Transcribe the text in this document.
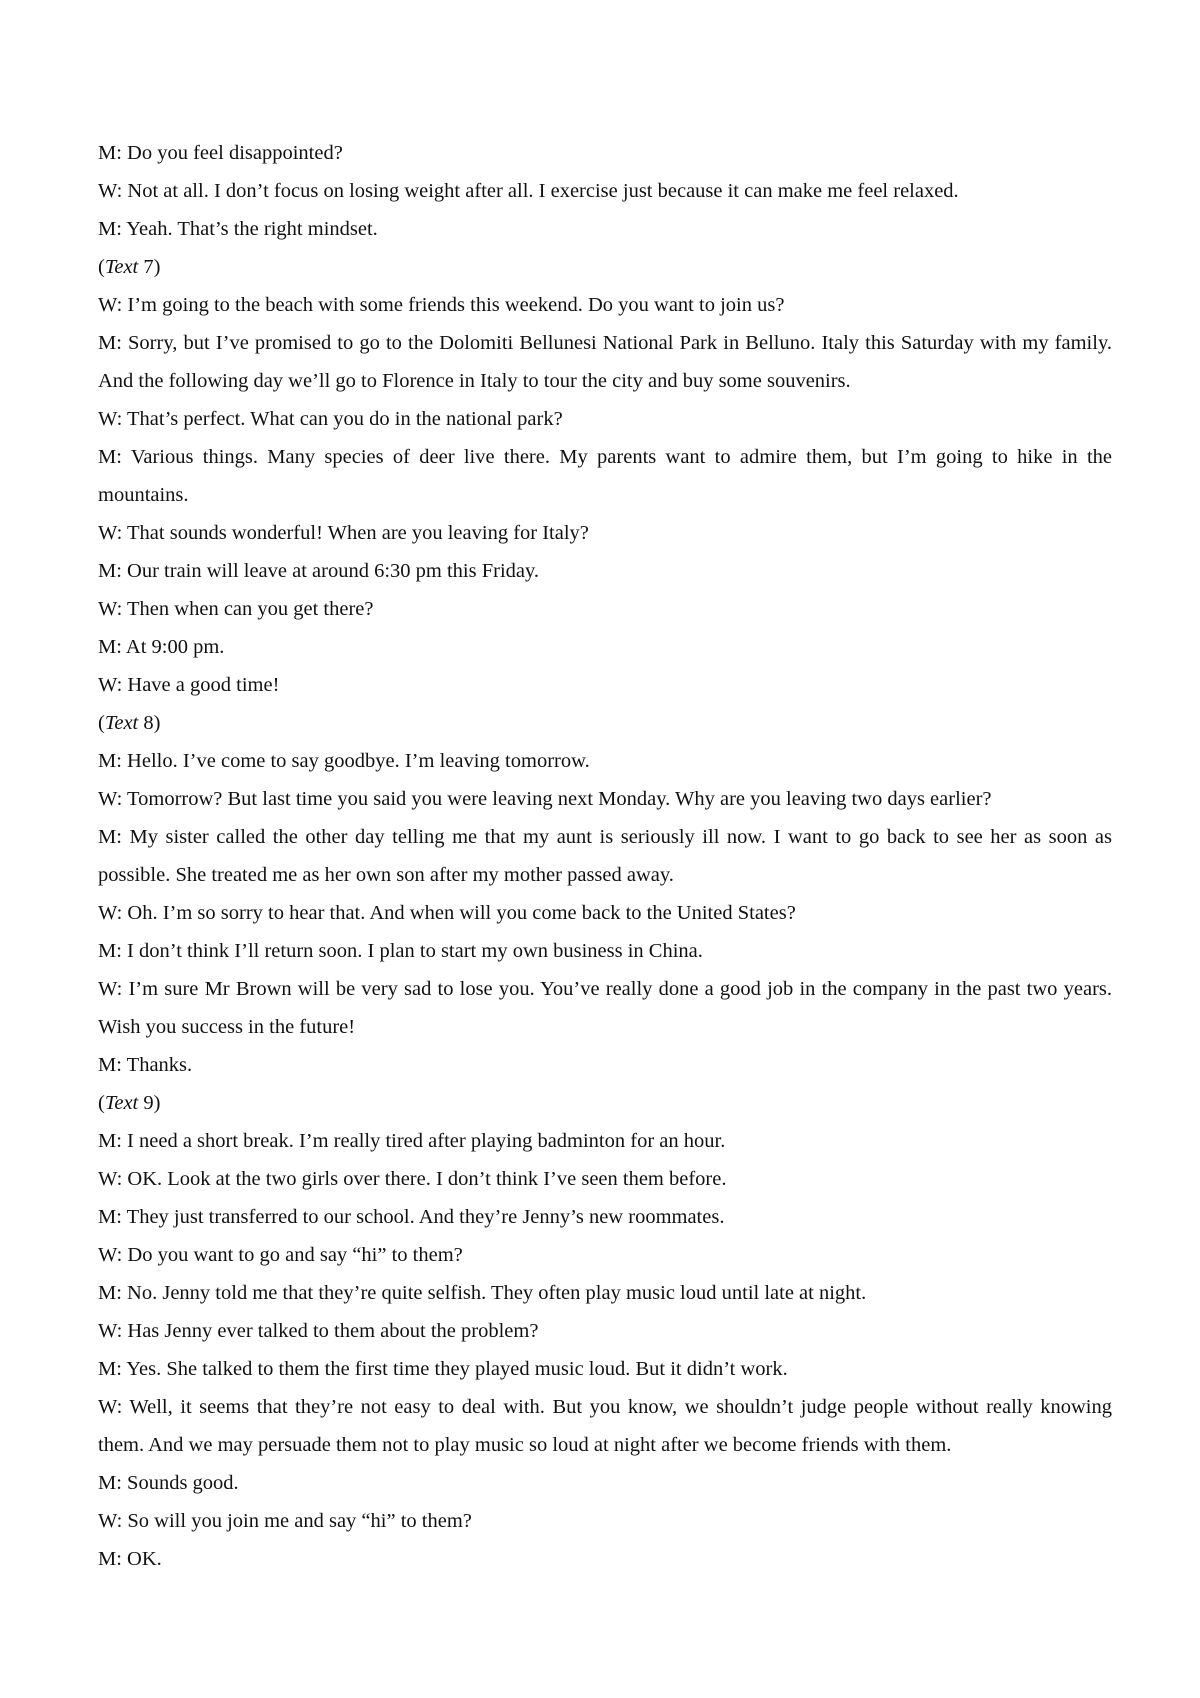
M: Do you feel disappointed?

W: Not at all. I don’t focus on losing weight after all. I exercise just because it can make me feel relaxed.

M: Yeah. That’s the right mindset.

(Text 7)

W: I’m going to the beach with some friends this weekend. Do you want to join us?

M: Sorry, but I’ve promised to go to the Dolomiti Bellunesi National Park in Belluno. Italy this Saturday with my family. And the following day we’ll go to Florence in Italy to tour the city and buy some souvenirs.

W: That’s perfect. What can you do in the national park?

M: Various things. Many species of deer live there. My parents want to admire them, but I’m going to hike in the mountains.

W: That sounds wonderful! When are you leaving for Italy?

M: Our train will leave at around 6:30 pm this Friday.

W: Then when can you get there?

M: At 9:00 pm.

W: Have a good time!

(Text 8)

M: Hello. I’ve come to say goodbye. I’m leaving tomorrow.

W: Tomorrow? But last time you said you were leaving next Monday. Why are you leaving two days earlier?

M: My sister called the other day telling me that my aunt is seriously ill now. I want to go back to see her as soon as possible. She treated me as her own son after my mother passed away.

W: Oh. I’m so sorry to hear that. And when will you come back to the United States?

M: I don’t think I’ll return soon. I plan to start my own business in China.

W: I’m sure Mr Brown will be very sad to lose you. You’ve really done a good job in the company in the past two years. Wish you success in the future!

M: Thanks.

(Text 9)

M: I need a short break. I’m really tired after playing badminton for an hour.

W: OK. Look at the two girls over there. I don’t think I’ve seen them before.

M: They just transferred to our school. And they’re Jenny’s new roommates.

W: Do you want to go and say “hi” to them?

M: No. Jenny told me that they’re quite selfish. They often play music loud until late at night.

W: Has Jenny ever talked to them about the problem?

M: Yes. She talked to them the first time they played music loud. But it didn’t work.

W: Well, it seems that they’re not easy to deal with. But you know, we shouldn’t judge people without really knowing them. And we may persuade them not to play music so loud at night after we become friends with them.

M: Sounds good.

W: So will you join me and say “hi” to them?

M: OK.
